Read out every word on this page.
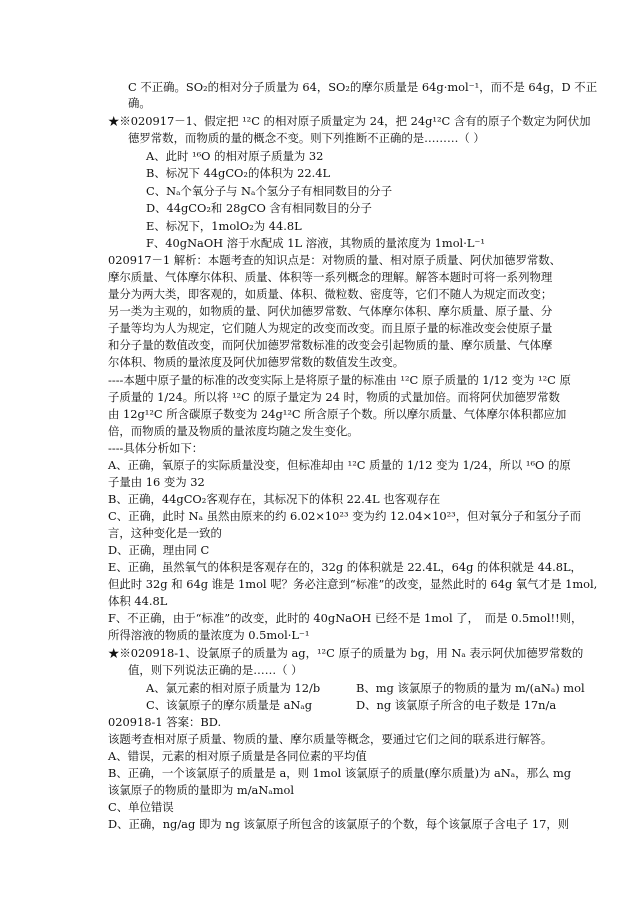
C 不正确。SO₂的相对分子质量为 64，SO₂的摩尔质量是 64g·mol⁻¹，而不是 64g，D 不正
确。
★※020917－1、假定把 ¹²C 的相对原子质量定为 24，把 24g¹²C 含有的原子个数定为阿伏加
德罗常数，而物质的量的概念不变。则下列推断不正确的是………（ ）
A、此时 ¹⁶O 的相对原子质量为 32
B、标况下 44gCO₂的体积为 22.4L
C、Nₐ个氧分子与 Nₐ个氢分子有相同数目的分子
D、44gCO₂和 28gCO 含有相同数目的分子
E、标况下，1molO₂为 44.8L
F、40gNaOH 溶于水配成 1L 溶液，其物质的量浓度为 1mol·L⁻¹
020917－1 解析：本题考查的知识点是：对物质的量、相对原子质量、阿伏加德罗常数、
摩尔质量、气体摩尔体积、质量、体积等一系列概念的理解。解答本题时可将一系列物理
量分为两大类，即客观的，如质量、体积、微粒数、密度等，它们不随人为规定而改变；
另一类为主观的，如物质的量、阿伏加德罗常数、气体摩尔体积、摩尔质量、原子量、分
子量等均为人为规定，它们随人为规定的改变而改变。而且原子量的标准改变会使原子量
和分子量的数值改变，而阿伏加德罗常数标准的改变会引起物质的量、摩尔质量、气体摩
尔体积、物质的量浓度及阿伏加德罗常数的数值发生改变。
----本题中原子量的标准的改变实际上是将原子量的标准由 ¹²C 原子质量的 1/12 变为 ¹²C 原
子质量的 1/24。所以将 ¹²C 的原子量定为 24 时，物质的式量加倍。而将阿伏加德罗常数
由 12g¹²C 所含碳原子数变为 24g¹²C 所含原子个数。所以摩尔质量、气体摩尔体积都应加
倍，而物质的量及物质的量浓度均随之发生变化。
----具体分析如下：
A、正确，氧原子的实际质量没变，但标准却由 ¹²C 质量的 1/12 变为 1/24，所以 ¹⁶O 的原
子量由 16 变为 32
B、正确，44gCO₂客观存在，其标况下的体积 22.4L 也客观存在
C、正确，此时 Nₐ 虽然由原来的约 6.02×10²³ 变为约 12.04×10²³，但对氧分子和氢分子而
言，这种变化是一致的
D、正确，理由同 C
E、正确，虽然氧气的体积是客观存在的，32g 的体积就是 22.4L，64g 的体积就是 44.8L，
但此时 32g 和 64g 谁是 1mol 呢？务必注意到“标准”的改变，显然此时的 64g 氧气才是 1mol,
体积 44.8L
F、不正确，由于“标准”的改变，此时的 40gNaOH 已经不是 1mol 了，　而是 0.5mol!!则，
所得溶液的物质的量浓度为 0.5mol·L⁻¹
★※020918-1、设氯原子的质量为 ag，¹²C 原子的质量为 bg，用 Nₐ 表示阿伏加德罗常数的
值，则下列说法正确的是……（ ）
A、氯元素的相对原子质量为 12/b	B、mg 该氯原子的物质的量为 m/(aNₐ) mol
C、该氯原子的摩尔质量是 aNₐg	D、ng 该氯原子所含的电子数是 17n/a
020918-1 答案：BD.
该题考查相对原子质量、物质的量、摩尔质量等概念，要通过它们之间的联系进行解答。
A、错误，元素的相对原子质量是各同位素的平均值
B、正确，一个该氯原子的质量是 a，则 1mol 该氯原子的质量(摩尔质量)为 aNₐ，那么 mg
该氯原子的物质的量即为 m/aNₐmol
C、单位错误
D、正确，ng/ag 即为 ng 该氯原子所包含的该氯原子的个数，每个该氯原子含电子 17，则
